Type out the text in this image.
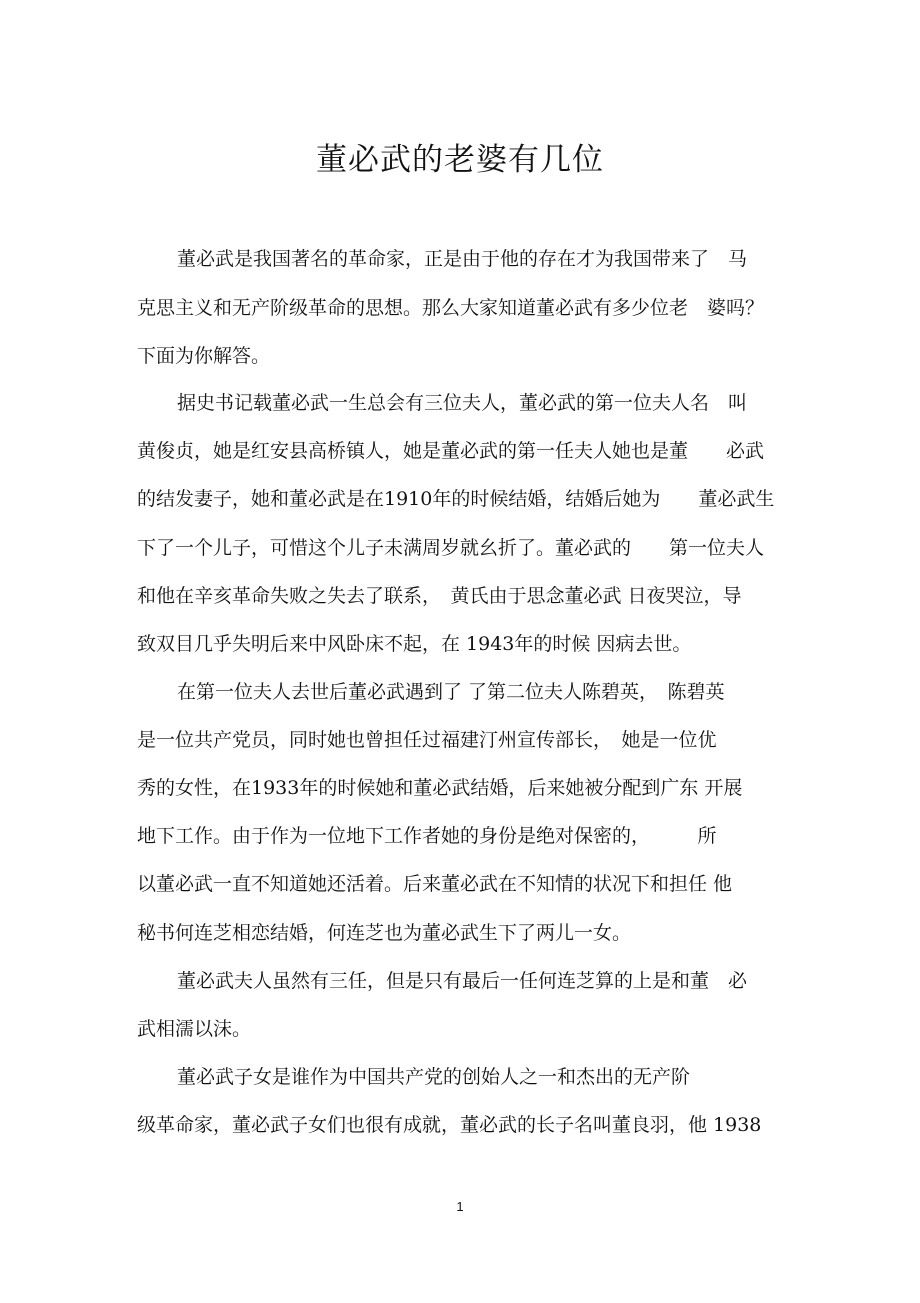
董必武的老婆有几位
董必武是我国著名的革命家，正是由于他的存在才为我国带来了　马
克思主义和无产阶级革命的思想。那么大家知道董必武有多少位老　婆吗？
下面为你解答。
据史书记载董必武一生总会有三位夫人，董必武的第一位夫人名　叫
黄俊贞，她是红安县高桥镇人，她是董必武的第一任夫人她也是董　　必武
的结发妻子，她和董必武是在1910年的时候结婚，结婚后她为　　董必武生
下了一个儿子，可惜这个儿子未满周岁就幺折了。董必武的　　第一位夫人
和他在辛亥革命失败之失去了联系，　黄氏由于思念董必武 日夜哭泣，导
致双目几乎失明后来中风卧床不起，在 1943年的时候 因病去世。
在第一位夫人去世后董必武遇到了 了第二位夫人陈碧英，　陈碧英
是一位共产党员，同时她也曾担任过福建汀州宣传部长，　她是一位优
秀的女性，在1933年的时候她和董必武结婚，后来她被分配到广东 开展
地下工作。由于作为一位地下工作者她的身份是绝对保密的，　　　所
以董必武一直不知道她还活着。后来董必武在不知情的状况下和担任 他
秘书何连芝相恋结婚，何连芝也为董必武生下了两儿一女。
董必武夫人虽然有三任，但是只有最后一任何连芝算的上是和董　必
武相濡以沫。
董必武子女是谁作为中国共产党的创始人之一和杰出的无产阶
级革命家，董必武子女们也很有成就，董必武的长子名叫董良羽，他 1938
1
